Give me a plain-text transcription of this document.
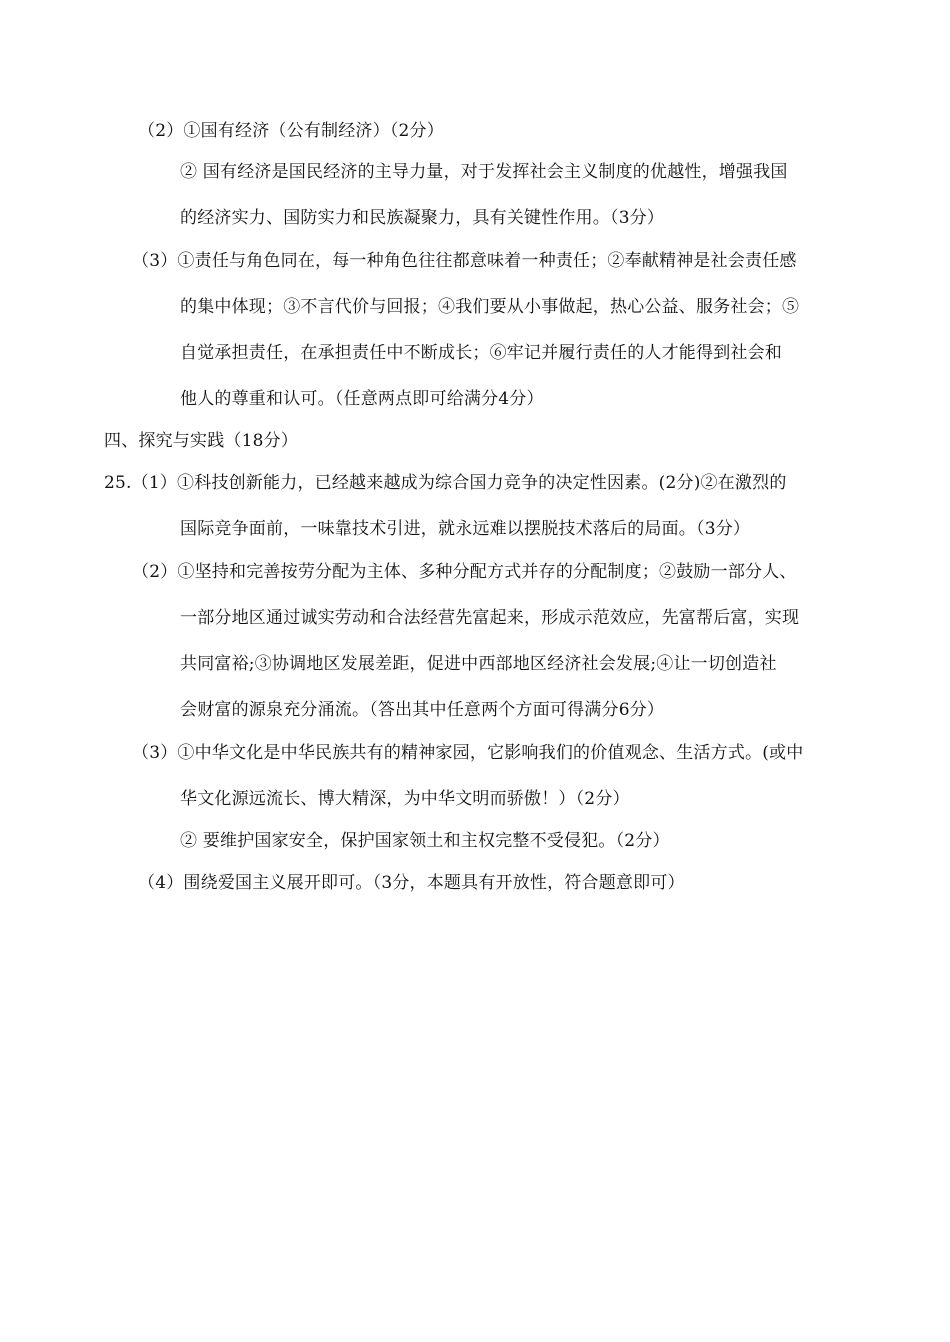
（2）①国有经济（公有制经济）（2分）
② 国有经济是国民经济的主导力量，对于发挥社会主义制度的优越性，增强我国
的经济实力、国防实力和民族凝聚力，具有关键性作用。（3分）
（3）①责任与角色同在，每一种角色往往都意味着一种责任；②奉献精神是社会责任感
的集中体现；③不言代价与回报；④我们要从小事做起，热心公益、服务社会；⑤
自觉承担责任，在承担责任中不断成长；⑥牢记并履行责任的人才能得到社会和
他人的尊重和认可。（任意两点即可给满分4分）
四、探究与实践（18分）
25.（1）①科技创新能力，已经越来越成为综合国力竞争的决定性因素。(2分)②在激烈的
国际竞争面前，一味靠技术引进，就永远难以摆脱技术落后的局面。（3分）
（2）①坚持和完善按劳分配为主体、多种分配方式并存的分配制度；②鼓励一部分人、
一部分地区通过诚实劳动和合法经营先富起来，形成示范效应，先富帮后富，实现
共同富裕;③协调地区发展差距，促进中西部地区经济社会发展;④让一切创造社
会财富的源泉充分涌流。（答出其中任意两个方面可得满分6分）
（3）①中华文化是中华民族共有的精神家园，它影响我们的价值观念、生活方式。(或中
华文化源远流长、博大精深，为中华文明而骄傲！）（2分）
② 要维护国家安全，保护国家领土和主权完整不受侵犯。（2分）
（4）围绕爱国主义展开即可。（3分，本题具有开放性，符合题意即可）
